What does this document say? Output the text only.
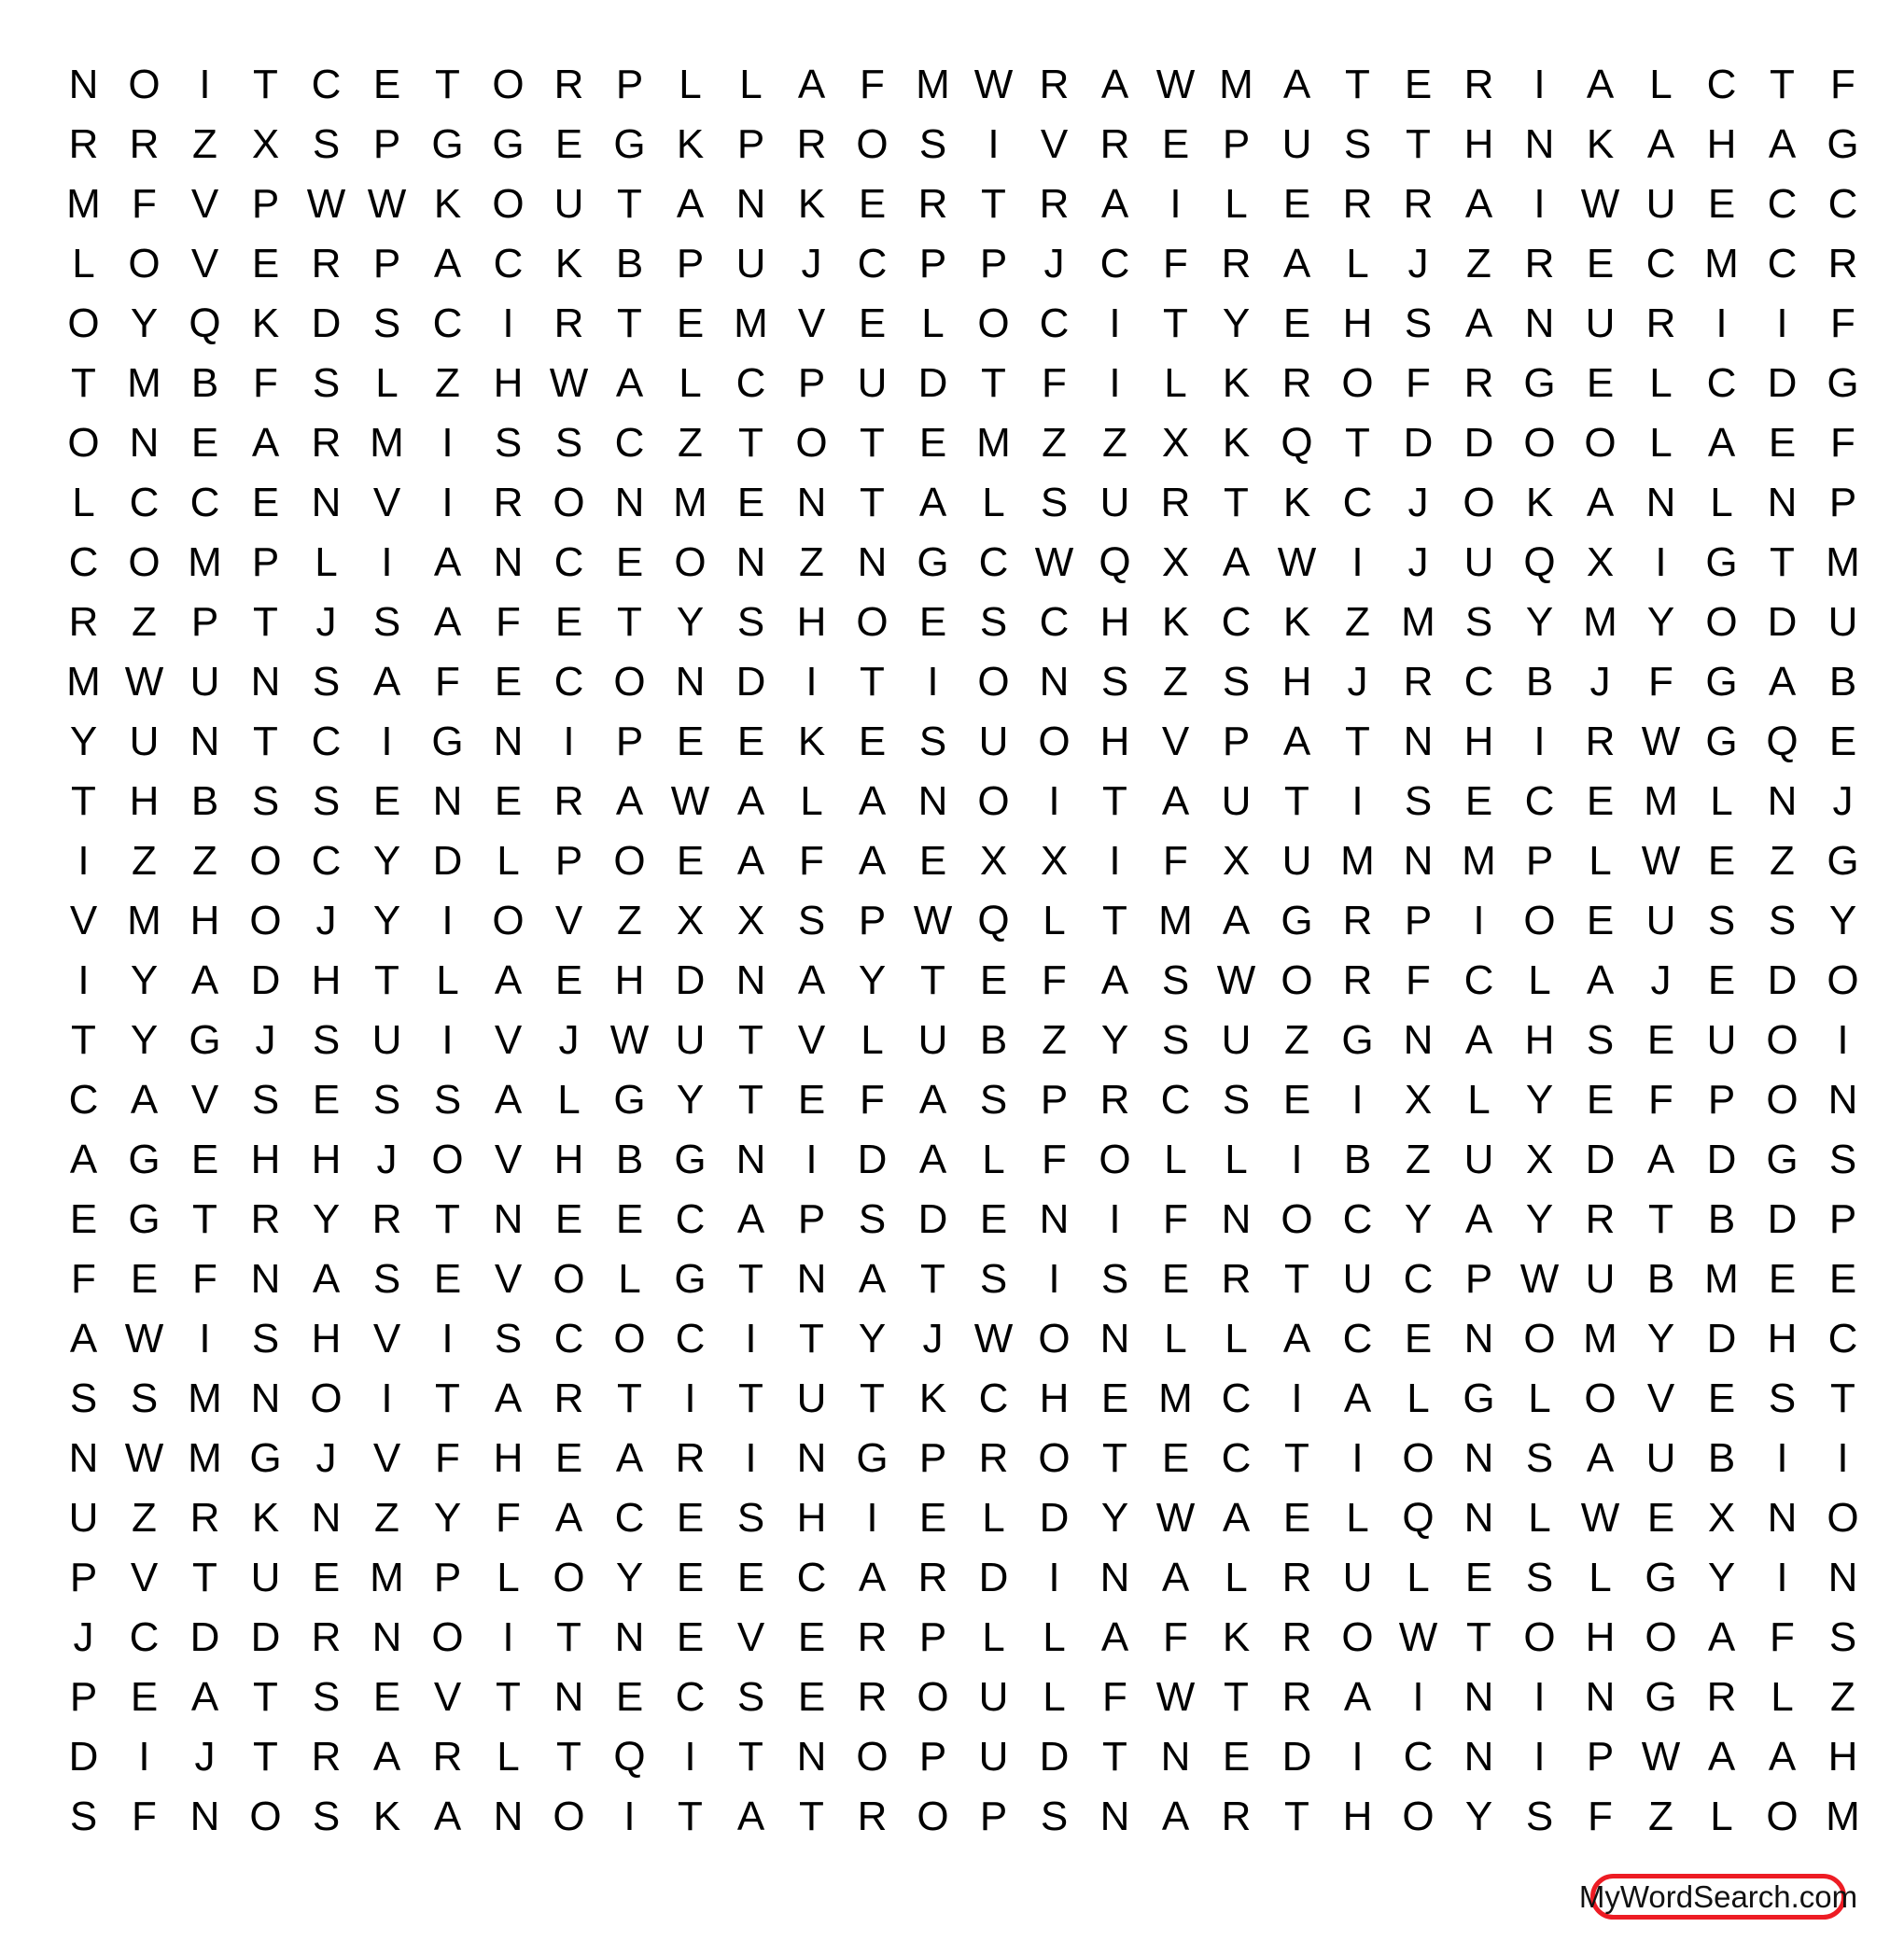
N O I	T C E T O R P L L A F M W R A W M A T E R I	A L C T F
R R Z X S P G G E G K P R O S	I	V R E P U S T H N K A H A G
M F V P W W K O U T A N K E R T R A	I	L E R R A	I W U E C C
L O V E R P A C K B P U J C P P J C F R A L J Z R E C M C R
O Y Q K D S C I R T E M V E L O C I	T Y E H S A N U R I	I	F
T M B F S L Z H W A L C P U D T F	I	L K R O F R G E L C D G
O N E A R M I	S S C Z T O T E M Z Z X K Q T D D O O L A E F
L C C E N V	I R O N M E N T A L S U R T K C J O K A N L N P
C O M P L	I	A N C E O N Z N G C W Q X A W I	J U Q X	I G T M
R Z P T J S A F E T Y S H O E S C H K C K Z M S Y M Y O D U
M W U N S A F E C O N D I	T	I O N S Z S H J R C B J F G A B
Y U N T C I G N I	P E E K E S U O H V P A T N H I R W G Q E
T H B S S E N E R A W A L A N O I	T A U T	I	S E C E M L N J
I	Z Z O C Y D L P O E A F A E X X	I	F X U M N M P L W E Z G
V M H O J Y	I O V Z X X S P W Q L T M A G R P	I O E U S S Y
I	Y A D H T L A E H D N A Y T E F A S W O R F C L A J E D O
T Y G J S U I	V J W U T V L U B Z Y S U Z G N A H S E U O I
C A V S E S S A L G Y T E F A S P R C S E	I	X L Y E F P O N
A G E H H J O V H B G N I D A L F O L L	I	B Z U X D A D G S
E G T R Y R T N E E C A P S D E N I	F N O C Y A Y R T B D P
F E F N A S E V O L G T N A T S	I	S E R T U C P W U B M E E
A W I	S H V	I	S C O C I	T Y J W O N L L A C E N O M Y D H C
S S M N O I	T A R T	I	T U T K C H E M C I	A L G L O V E S T
N W M G J V F H E A R I N G P R O T E C T	I O N S A U B	I	I
U Z R K N Z Y F A C E S H I	E L D Y W A E L Q N L W E X N O
P V T U E M P L O Y E E C A R D I N A L R U L E S L G Y	I N
J C D D R N O I	T N E V E R P L L A F K R O W T O H O A F S
P E A T S E V T N E C S E R O U L F W T R A	I N I N G R L Z
D I	J T R A R L T Q I	T N O P U D T N E D I C N I	P W A A H
S F N O S K A N O I	T A T R O P S N A R T H O Y S F Z L O M
MyWordSearch.com
